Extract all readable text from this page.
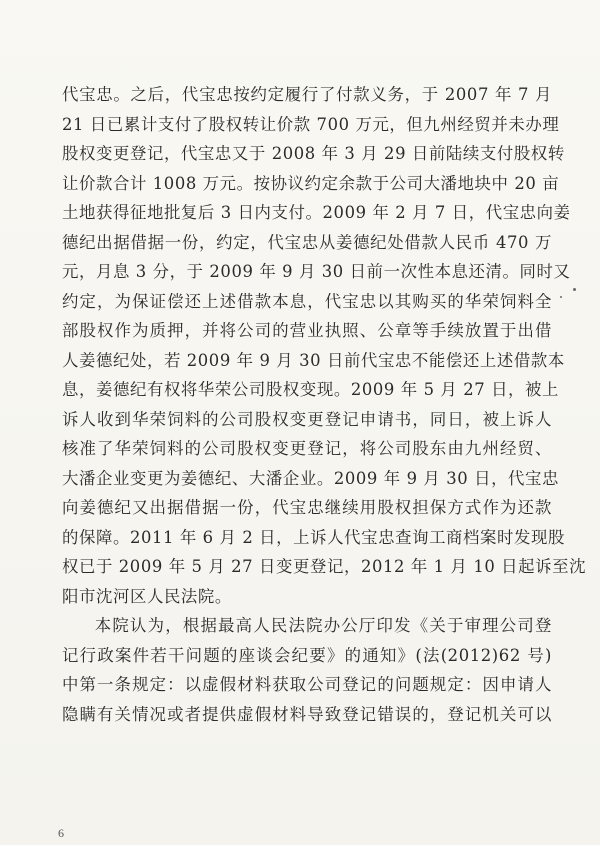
代宝忠。之后，代宝忠按约定履行了付款义务，于 2007 年 7 月
21 日已累计支付了股权转让价款 700 万元，但九州经贸并未办理
股权变更登记，代宝忠又于 2008 年 3 月 29 日前陆续支付股权转
让价款合计 1008 万元。按协议约定余款于公司大潘地块中 20 亩
土地获得征地批复后 3 日内支付。2009 年 2 月 7 日，代宝忠向姜
德纪出据借据一份，约定，代宝忠从姜德纪处借款人民币 470 万
元，月息 3 分，于 2009 年 9 月 30 日前一次性本息还清。同时又
约定，为保证偿还上述借款本息，代宝忠以其购买的华荣饲料全
部股权作为质押，并将公司的营业执照、公章等手续放置于出借
人姜德纪处，若 2009 年 9 月 30 日前代宝忠不能偿还上述借款本
息，姜德纪有权将华荣公司股权变现。2009 年 5 月 27 日，被上
诉人收到华荣饲料的公司股权变更登记申请书，同日，被上诉人
核准了华荣饲料的公司股权变更登记，将公司股东由九州经贸、
大潘企业变更为姜德纪、大潘企业。2009 年 9 月 30 日，代宝忠
向姜德纪又出据借据一份，代宝忠继续用股权担保方式作为还款
的保障。2011 年 6 月 2 日，上诉人代宝忠查询工商档案时发现股
权已于 2009 年 5 月 27 日变更登记，2012 年 1 月 10 日起诉至沈
阳市沈河区人民法院。
本院认为，根据最高人民法院办公厅印发《关于审理公司登
记行政案件若干问题的座谈会纪要》的通知》(法(2012)62 号)
中第一条规定：以虚假材料获取公司登记的问题规定：因申请人
隐瞒有关情况或者提供虚假材料导致登记错误的，登记机关可以
6
